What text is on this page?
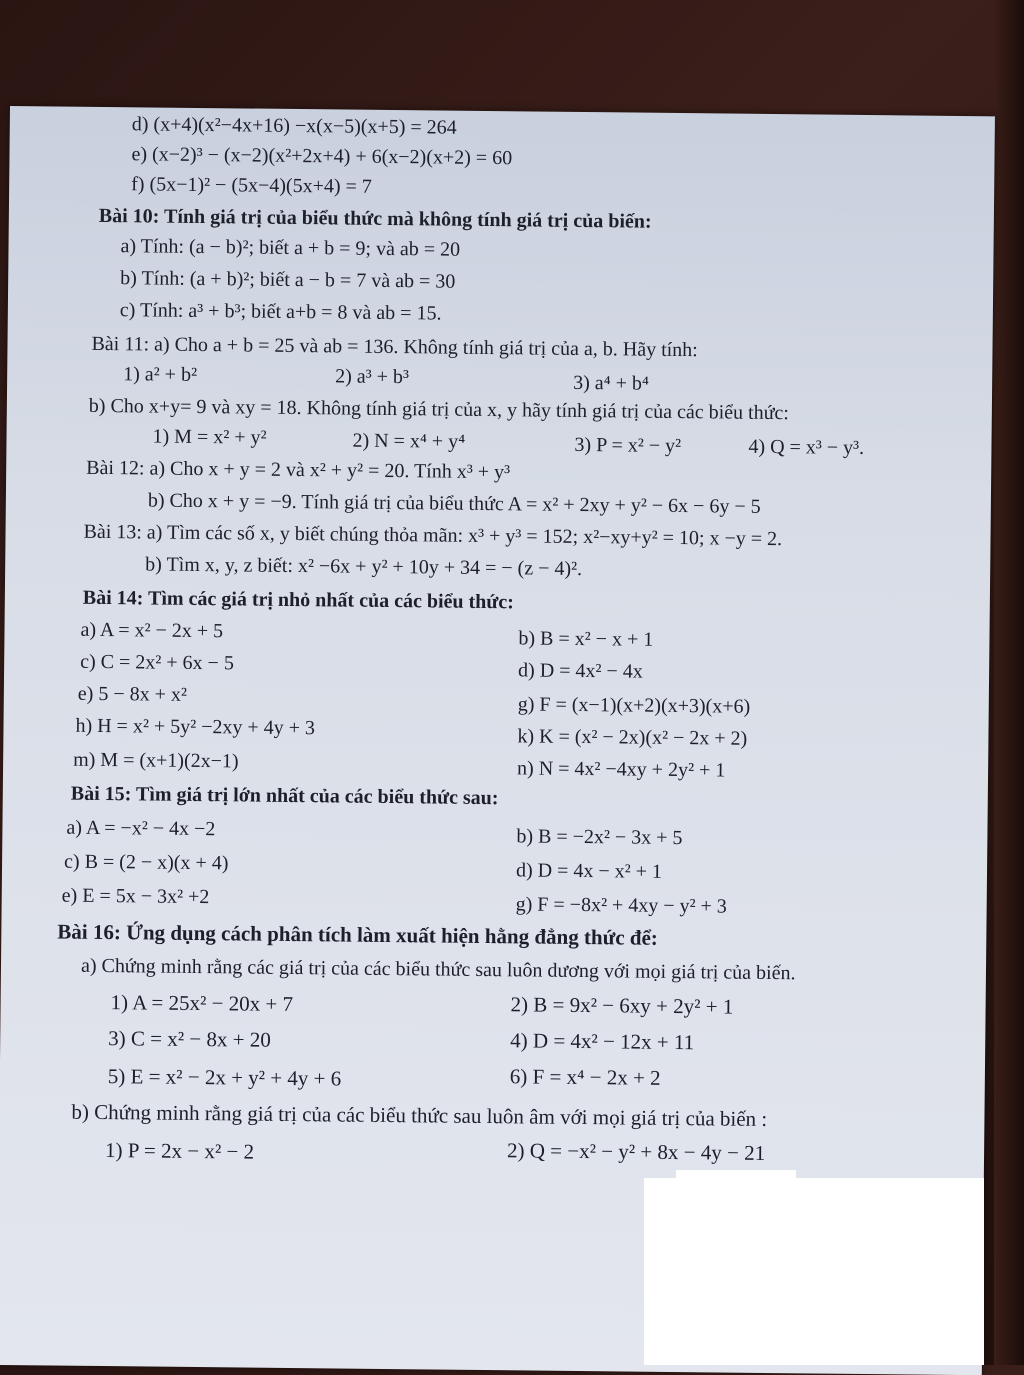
d) (x+4)(x²−4x+16) −x(x−5)(x+5) = 264
e) (x−2)³ − (x−2)(x²+2x+4) + 6(x−2)(x+2) = 60
f) (5x−1)² − (5x−4)(5x+4) = 7
Bài 10: Tính giá trị của biểu thức mà không tính giá trị của biến:
a) Tính: (a − b)²; biết a + b = 9; và ab = 20
b) Tính: (a + b)²; biết a − b = 7 và ab = 30
c) Tính: a³ + b³; biết a+b = 8 và ab = 15.
Bài 11: a) Cho a + b = 25 và ab = 136. Không tính giá trị của a, b. Hãy tính:
1) a² + b²	2) a³ + b³	3) a⁴ + b⁴
b) Cho x+y= 9 và xy = 18. Không tính giá trị của x, y hãy tính giá trị của các biểu thức:
1) M = x² + y²	2) N = x⁴ + y⁴	3) P = x² − y²	4) Q = x³ − y³.
Bài 12: a) Cho x + y = 2 và x² + y² = 20. Tính x³ + y³
b) Cho x + y = −9. Tính giá trị của biểu thức A = x² + 2xy + y² − 6x − 6y − 5
Bài 13: a) Tìm các số x, y biết chúng thỏa mãn: x³ + y³ = 152; x²−xy+y² = 10; x −y = 2.
b) Tìm x, y, z biết: x² −6x + y² + 10y + 34 = − (z − 4)².
Bài 14: Tìm các giá trị nhỏ nhất của các biểu thức:
a) A = x² − 2x + 5	b) B = x² − x + 1
c) C = 2x² + 6x − 5	d) D = 4x² − 4x
e) 5 − 8x + x²	g) F = (x−1)(x+2)(x+3)(x+6)
h) H = x² + 5y² −2xy + 4y + 3	k) K = (x² − 2x)(x² − 2x + 2)
m) M = (x+1)(2x−1)	n) N = 4x² −4xy + 2y² + 1
Bài 15: Tìm giá trị lớn nhất của các biểu thức sau:
a) A = −x² − 4x −2	b) B = −2x² − 3x + 5
c) B = (2 − x)(x + 4)	d) D = 4x − x² + 1
e) E = 5x − 3x² +2	g) F = −8x² + 4xy − y² + 3
Bài 16: Ứng dụng cách phân tích làm xuất hiện hằng đẳng thức để:
a) Chứng minh rằng các giá trị của các biểu thức sau luôn dương với mọi giá trị của biến.
1) A = 25x² − 20x + 7	2) B = 9x² − 6xy + 2y² + 1
3) C = x² − 8x + 20	4) D = 4x² − 12x + 11
5) E = x² − 2x + y² + 4y + 6	6) F = x⁴ − 2x + 2
b) Chứng minh rằng giá trị của các biểu thức sau luôn âm với mọi giá trị của biến :
1) P = 2x − x² − 2	2) Q = −x² − y² + 8x − 4y − 21
